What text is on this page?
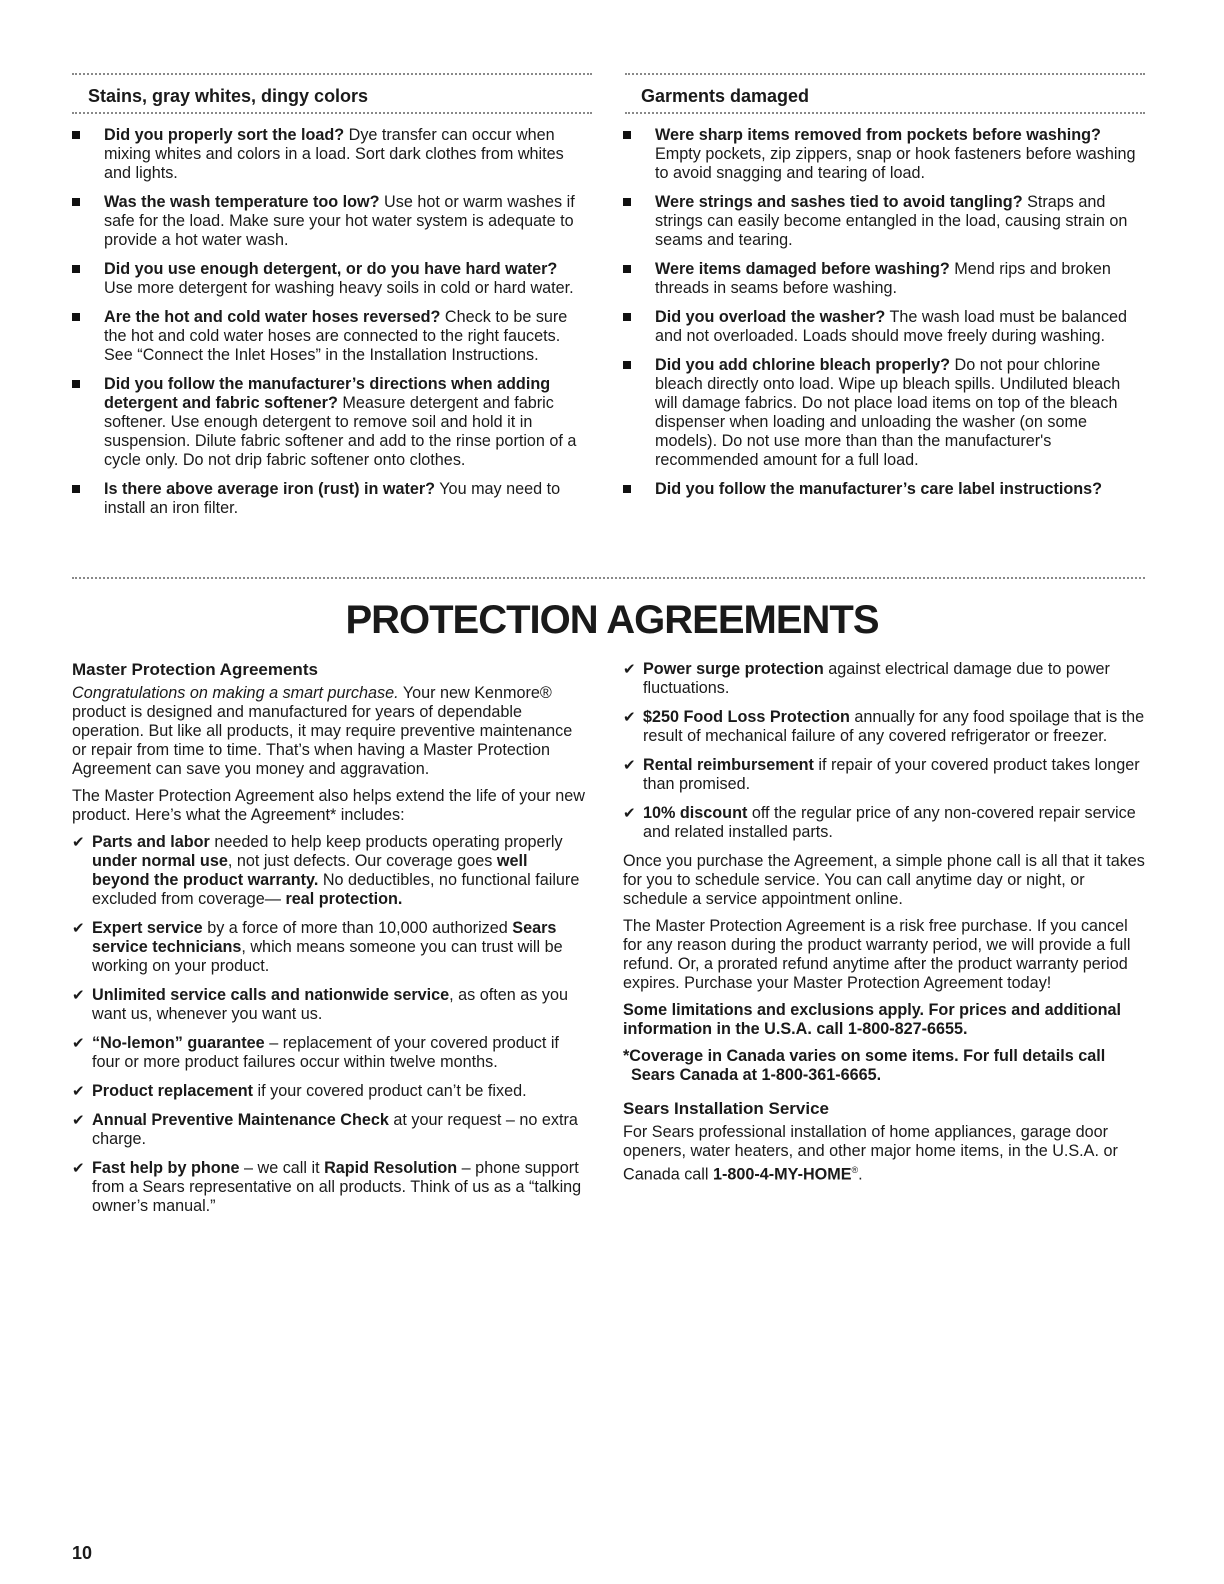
Stains, gray whites, dingy colors
Did you properly sort the load? Dye transfer can occur when mixing whites and colors in a load. Sort dark clothes from whites and lights.
Was the wash temperature too low? Use hot or warm washes if safe for the load. Make sure your hot water system is adequate to provide a hot water wash.
Did you use enough detergent, or do you have hard water? Use more detergent for washing heavy soils in cold or hard water.
Are the hot and cold water hoses reversed? Check to be sure the hot and cold water hoses are connected to the right faucets. See “Connect the Inlet Hoses” in the Installation Instructions.
Did you follow the manufacturer’s directions when adding detergent and fabric softener? Measure detergent and fabric softener. Use enough detergent to remove soil and hold it in suspension. Dilute fabric softener and add to the rinse portion of a cycle only. Do not drip fabric softener onto clothes.
Is there above average iron (rust) in water? You may need to install an iron filter.
Garments damaged
Were sharp items removed from pockets before washing? Empty pockets, zip zippers, snap or hook fasteners before washing to avoid snagging and tearing of load.
Were strings and sashes tied to avoid tangling? Straps and strings can easily become entangled in the load, causing strain on seams and tearing.
Were items damaged before washing? Mend rips and broken threads in seams before washing.
Did you overload the washer? The wash load must be balanced and not overloaded. Loads should move freely during washing.
Did you add chlorine bleach properly? Do not pour chlorine bleach directly onto load. Wipe up bleach spills. Undiluted bleach will damage fabrics. Do not place load items on top of the bleach dispenser when loading and unloading the washer (on some models). Do not use more than than the manufacturer's recommended amount for a full load.
Did you follow the manufacturer’s care label instructions?
PROTECTION AGREEMENTS
Master Protection Agreements

Congratulations on making a smart purchase. Your new Kenmore® product is designed and manufactured for years of dependable operation. But like all products, it may require preventive maintenance or repair from time to time. That’s when having a Master Protection Agreement can save you money and aggravation.

The Master Protection Agreement also helps extend the life of your new product. Here’s what the Agreement* includes:

✔ Parts and labor needed to help keep products operating properly under normal use, not just defects. Our coverage goes well beyond the product warranty. No deductibles, no functional failure excluded from coverage— real protection.
✔ Expert service by a force of more than 10,000 authorized Sears service technicians, which means someone you can trust will be working on your product.
✔ Unlimited service calls and nationwide service, as often as you want us, whenever you want us.
✔ “No-lemon” guarantee – replacement of your covered product if four or more product failures occur within twelve months.
✔ Product replacement if your covered product can’t be fixed.
✔ Annual Preventive Maintenance Check at your request – no extra charge.
✔ Fast help by phone – we call it Rapid Resolution – phone support from a Sears representative on all products. Think of us as a “talking owner’s manual.”
✔ Power surge protection against electrical damage due to power fluctuations.
✔ $250 Food Loss Protection annually for any food spoilage that is the result of mechanical failure of any covered refrigerator or freezer.
✔ Rental reimbursement if repair of your covered product takes longer than promised.
✔ 10% discount off the regular price of any non-covered repair service and related installed parts.

Once you purchase the Agreement, a simple phone call is all that it takes for you to schedule service. You can call anytime day or night, or schedule a service appointment online.

The Master Protection Agreement is a risk free purchase. If you cancel for any reason during the product warranty period, we will provide a full refund. Or, a prorated refund anytime after the product warranty period expires. Purchase your Master Protection Agreement today!

Some limitations and exclusions apply. For prices and additional information in the U.S.A. call 1-800-827-6655.

*Coverage in Canada varies on some items. For full details call Sears Canada at 1-800-361-6665.

Sears Installation Service

For Sears professional installation of home appliances, garage door openers, water heaters, and other major home items, in the U.S.A. or Canada call 1-800-4-MY-HOME®.

10
